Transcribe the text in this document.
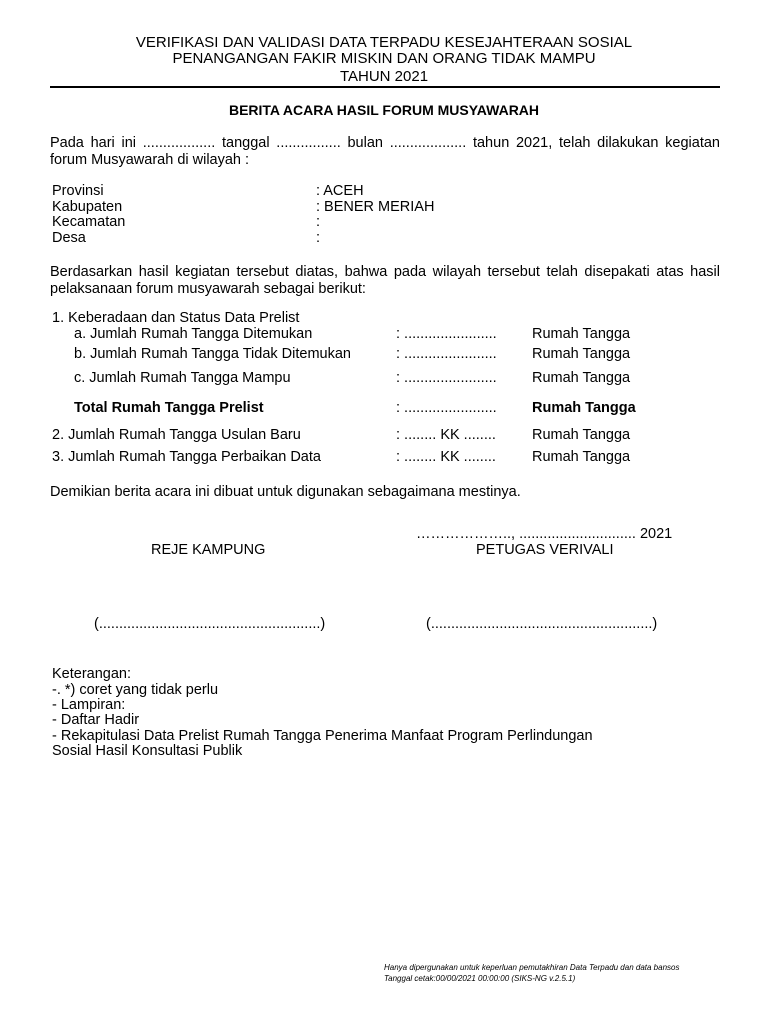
VERIFIKASI DAN VALIDASI DATA TERPADU KESEJAHTERAAN SOSIAL
PENANGANGAN FAKIR MISKIN DAN ORANG TIDAK MAMPU
TAHUN 2021
BERITA ACARA HASIL FORUM MUSYAWARAH
Pada hari ini .................. tanggal ................ bulan ................... tahun 2021, telah dilakukan kegiatan forum Musyawarah di wilayah :
Provinsi	: ACEH
Kabupaten	: BENER MERIAH
Kecamatan	:
Desa	:
Berdasarkan hasil kegiatan tersebut diatas, bahwa pada wilayah tersebut telah disepakati atas hasil pelaksanaan forum musyawarah sebagai berikut:
1. Keberadaan dan Status Data Prelist
a. Jumlah Rumah Tangga Ditemukan	: ....................... Rumah Tangga
b. Jumlah Rumah Tangga Tidak Ditemukan	: ....................... Rumah Tangga
c. Jumlah Rumah Tangga Mampu	: ....................... Rumah Tangga
Total Rumah Tangga Prelist	: ....................... Rumah Tangga
2. Jumlah Rumah Tangga Usulan Baru	: ........ KK ........ Rumah Tangga
3. Jumlah Rumah Tangga Perbaikan Data	: ........ KK ........ Rumah Tangga
Demikian berita acara ini dibuat untuk digunakan sebagaimana mestinya.
……………….., ............................. 2021
REJE KAMPUNG	PETUGAS VERIVALI
(.......................................................)	(.......................................................)
Keterangan:
-. *) coret yang tidak perlu
- Lampiran:
- Daftar Hadir
- Rekapitulasi Data Prelist Rumah Tangga Penerima Manfaat Program Perlindungan
Sosial Hasil Konsultasi Publik
Hanya dipergunakan untuk keperluan pemutakhiran Data Terpadu dan data bansos
Tanggal cetak:00/00/2021 00:00:00 (SIKS-NG v.2.5.1)
